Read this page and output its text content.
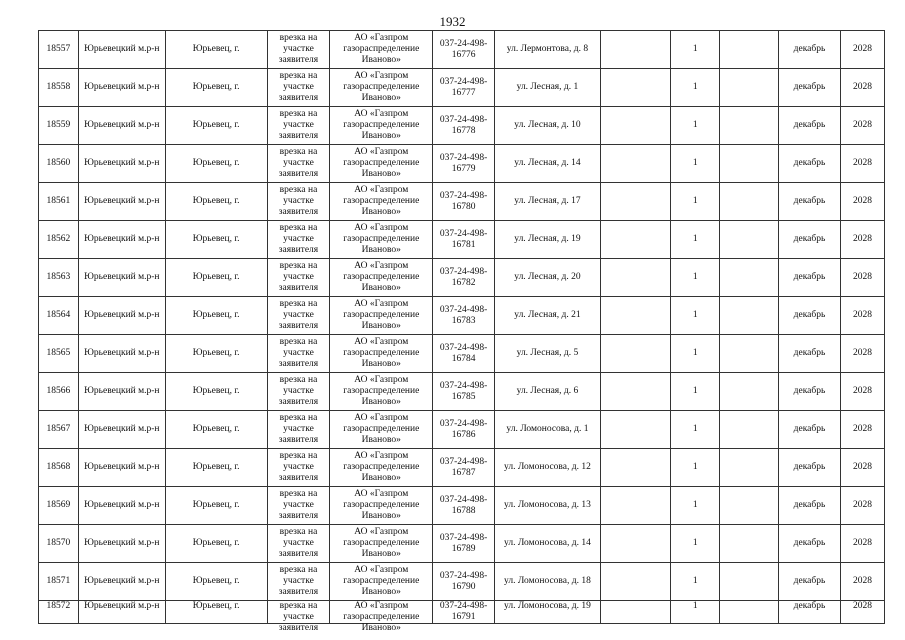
1932
18557	Юрьевецкий м.р-н	Юрьевец, г.	врезка на участке заявителя	АО «Газпром газораспределение Иваново»	037-24-498-16776	ул. Лермонтова, д. 8		1		декабрь	2028

18558	Юрьевецкий м.р-н	Юрьевец, г.	врезка на участке заявителя	АО «Газпром газораспределение Иваново»	037-24-498-16777	ул. Лесная, д. 1		1		декабрь	2028

18559	Юрьевецкий м.р-н	Юрьевец, г.	врезка на участке заявителя	АО «Газпром газораспределение Иваново»	037-24-498-16778	ул. Лесная, д. 10		1		декабрь	2028

18560	Юрьевецкий м.р-н	Юрьевец, г.	врезка на участке заявителя	АО «Газпром газораспределение Иваново»	037-24-498-16779	ул. Лесная, д. 14		1		декабрь	2028

18561	Юрьевецкий м.р-н	Юрьевец, г.	врезка на участке заявителя	АО «Газпром газораспределение Иваново»	037-24-498-16780	ул. Лесная, д. 17		1		декабрь	2028

18562	Юрьевецкий м.р-н	Юрьевец, г.	врезка на участке заявителя	АО «Газпром газораспределение Иваново»	037-24-498-16781	ул. Лесная, д. 19		1		декабрь	2028

18563	Юрьевецкий м.р-н	Юрьевец, г.	врезка на участке заявителя	АО «Газпром газораспределение Иваново»	037-24-498-16782	ул. Лесная, д. 20		1		декабрь	2028

18564	Юрьевецкий м.р-н	Юрьевец, г.	врезка на участке заявителя	АО «Газпром газораспределение Иваново»	037-24-498-16783	ул. Лесная, д. 21		1		декабрь	2028

18565	Юрьевецкий м.р-н	Юрьевец, г.	врезка на участке заявителя	АО «Газпром газораспределение Иваново»	037-24-498-16784	ул. Лесная, д. 5		1		декабрь	2028

18566	Юрьевецкий м.р-н	Юрьевец, г.	врезка на участке заявителя	АО «Газпром газораспределение Иваново»	037-24-498-16785	ул. Лесная, д. 6		1		декабрь	2028

18567	Юрьевецкий м.р-н	Юрьевец, г.	врезка на участке заявителя	АО «Газпром газораспределение Иваново»	037-24-498-16786	ул. Ломоносова, д. 1		1		декабрь	2028

18568	Юрьевецкий м.р-н	Юрьевец, г.	врезка на участке заявителя	АО «Газпром газораспределение Иваново»	037-24-498-16787	ул. Ломоносова, д. 12		1		декабрь	2028

18569	Юрьевецкий м.р-н	Юрьевец, г.	врезка на участке заявителя	АО «Газпром газораспределение Иваново»	037-24-498-16788	ул. Ломоносова, д. 13		1		декабрь	2028

18570	Юрьевецкий м.р-н	Юрьевец, г.	врезка на участке заявителя	АО «Газпром газораспределение Иваново»	037-24-498-16789	ул. Ломоносова, д. 14		1		декабрь	2028

18571	Юрьевецкий м.р-н	Юрьевец, г.	врезка на участке заявителя	АО «Газпром газораспределение Иваново»	037-24-498-16790	ул. Ломоносова, д. 18		1		декабрь	2028

18572	Юрьевецкий м.р-н	Юрьевец, г.	врезка на участке заявителя	АО «Газпром газораспределение Иваново»	037-24-498-16791	ул. Ломоносова, д. 19		1		декабрь	2028
